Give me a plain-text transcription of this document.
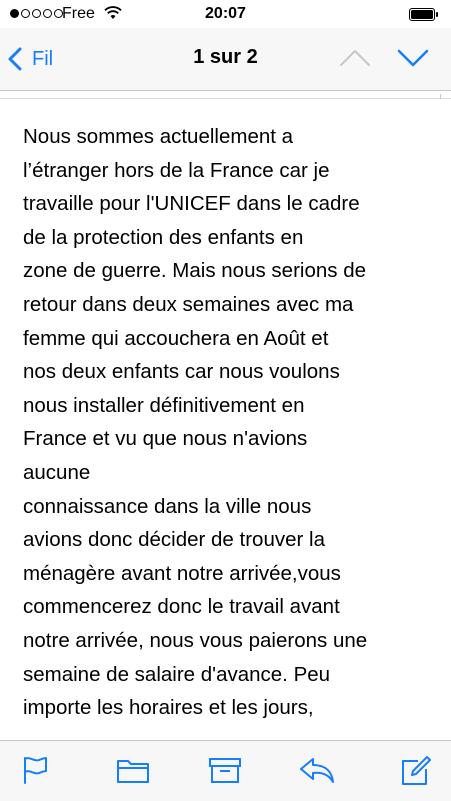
Free	20:07
Fil	1 sur 2
Nous sommes actuellement a
l’étranger hors de la France car je
travaille pour l'UNICEF dans le cadre
de la protection des enfants en
zone de guerre. Mais nous serions de
retour dans deux semaines avec ma
femme qui accouchera en Août et
nos deux enfants car nous voulons
nous installer définitivement en
France et vu que nous n'avions
aucune
connaissance dans la ville nous
avions donc décider de trouver la
ménagère avant notre arrivée,vous
commencerez donc le travail avant
notre arrivée, nous vous paierons une
semaine de salaire d'avance. Peu
importe les horaires et les jours,
